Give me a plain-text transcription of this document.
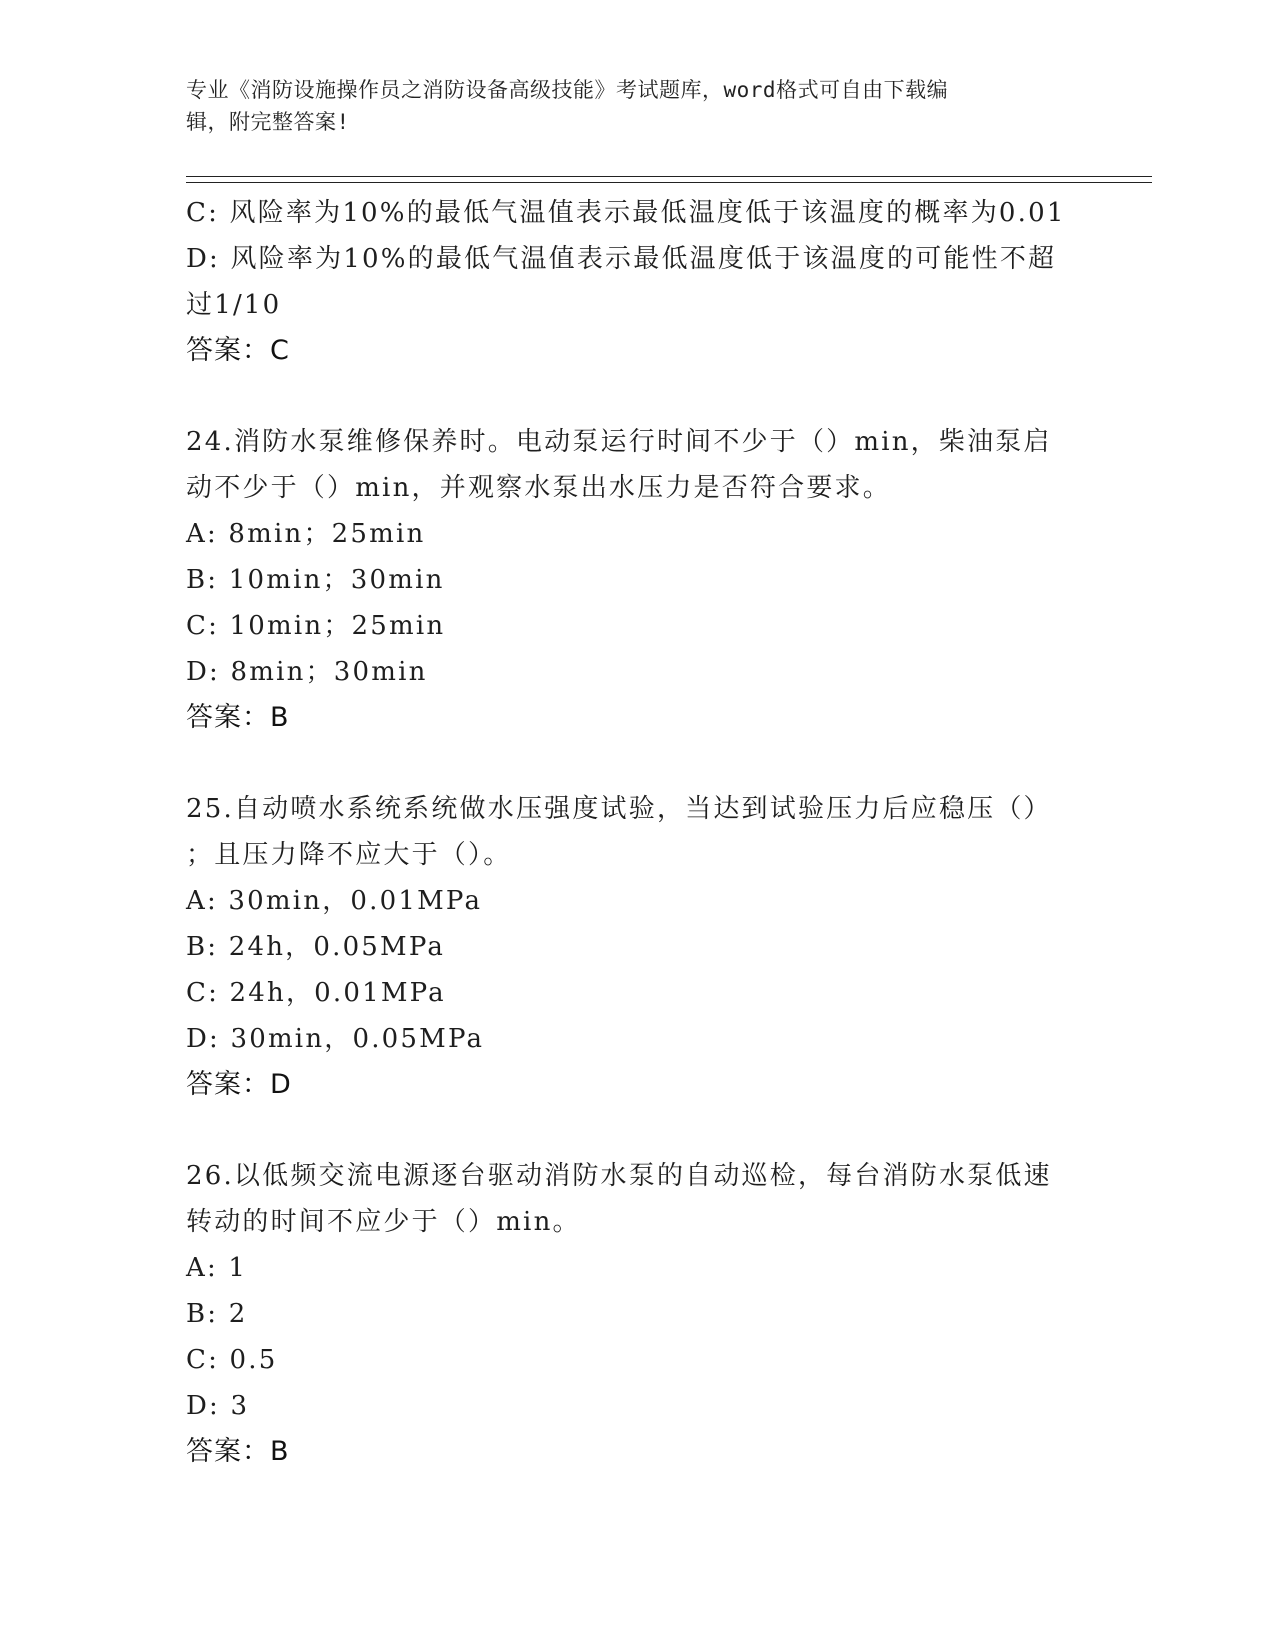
专业《消防设施操作员之消防设备高级技能》考试题库，word格式可自由下载编
辑，附完整答案!
C: 风险率为10%的最低气温值表示最低温度低于该温度的概率为0.01
D: 风险率为10%的最低气温值表示最低温度低于该温度的可能性不超
过1/10
答案：C
24.消防水泵维修保养时。电动泵运行时间不少于（）min，柴油泵启
动不少于（）min，并观察水泵出水压力是否符合要求。
A: 8min；25min
B: 10min；30min
C: 10min；25min
D: 8min；30min
答案：B
25.自动喷水系统系统做水压强度试验，当达到试验压力后应稳压（）
；且压力降不应大于（）。
A: 30min，0.01MPa
B: 24h，0.05MPa
C: 24h，0.01MPa
D: 30min，0.05MPa
答案：D
26.以低频交流电源逐台驱动消防水泵的自动巡检，每台消防水泵低速
转动的时间不应少于（）min。
A: 1
B: 2
C: 0.5
D: 3
答案：B
